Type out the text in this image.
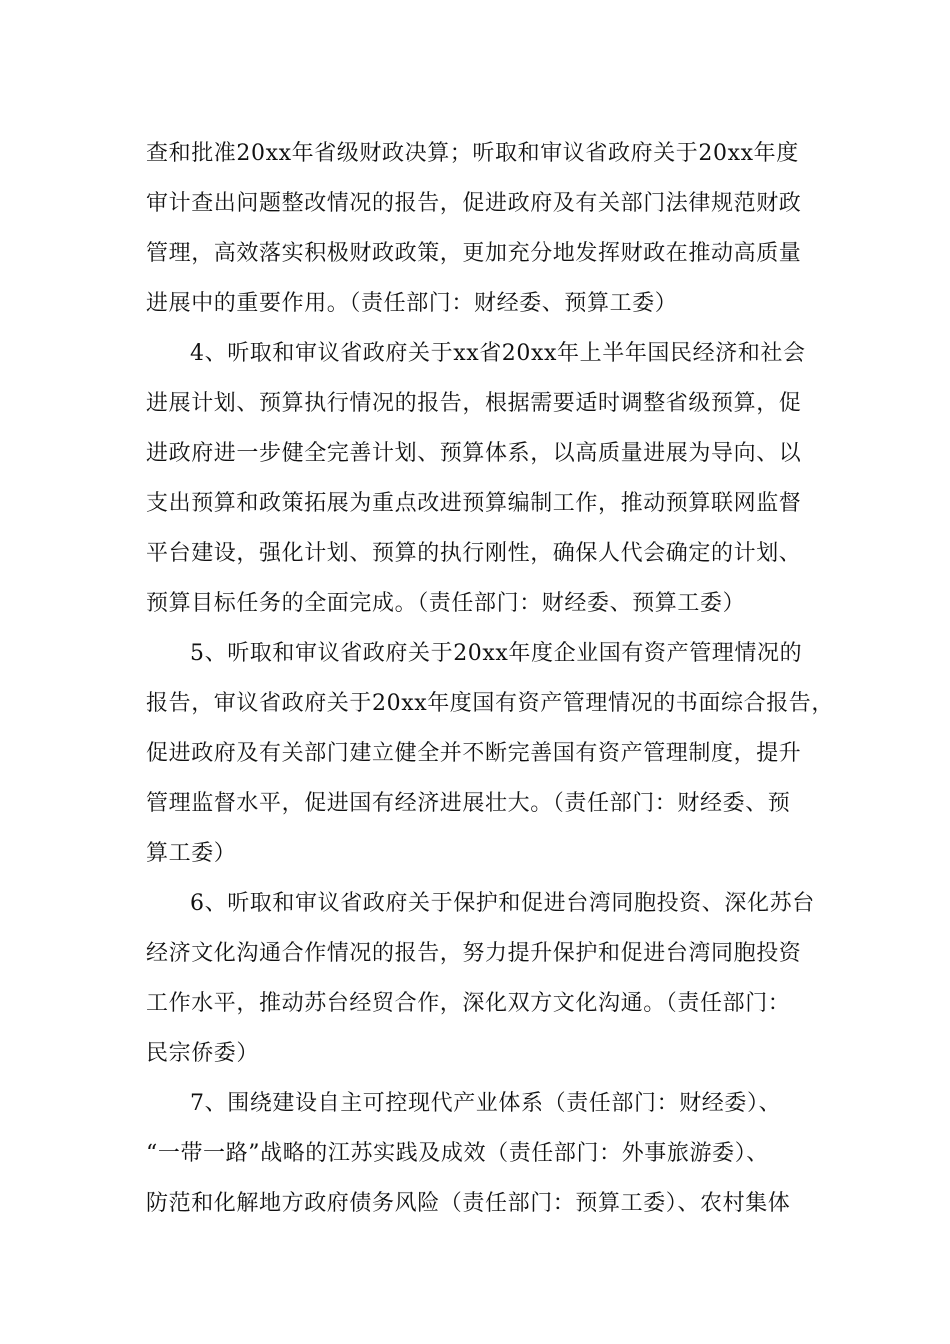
查和批准20xx年省级财政决算；听取和审议省政府关于20xx年度
审计查出问题整改情况的报告，促进政府及有关部门法律规范财政
管理，高效落实积极财政政策，更加充分地发挥财政在推动高质量
进展中的重要作用。（责任部门：财经委、预算工委）
4、听取和审议省政府关于xx省20xx年上半年国民经济和社会
进展计划、预算执行情况的报告，根据需要适时调整省级预算，促
进政府进一步健全完善计划、预算体系，以高质量进展为导向、以
支出预算和政策拓展为重点改进预算编制工作，推动预算联网监督
平台建设，强化计划、预算的执行刚性，确保人代会确定的计划、
预算目标任务的全面完成。（责任部门：财经委、预算工委）
5、听取和审议省政府关于20xx年度企业国有资产管理情况的
报告，审议省政府关于20xx年度国有资产管理情况的书面综合报告，
促进政府及有关部门建立健全并不断完善国有资产管理制度，提升
管理监督水平，促进国有经济进展壮大。（责任部门：财经委、预
算工委）
6、听取和审议省政府关于保护和促进台湾同胞投资、深化苏台
经济文化沟通合作情况的报告，努力提升保护和促进台湾同胞投资
工作水平，推动苏台经贸合作，深化双方文化沟通。（责任部门：
民宗侨委）
7、围绕建设自主可控现代产业体系（责任部门：财经委）、
“一带一路”战略的江苏实践及成效（责任部门：外事旅游委）、
防范和化解地方政府债务风险（责任部门：预算工委）、农村集体
